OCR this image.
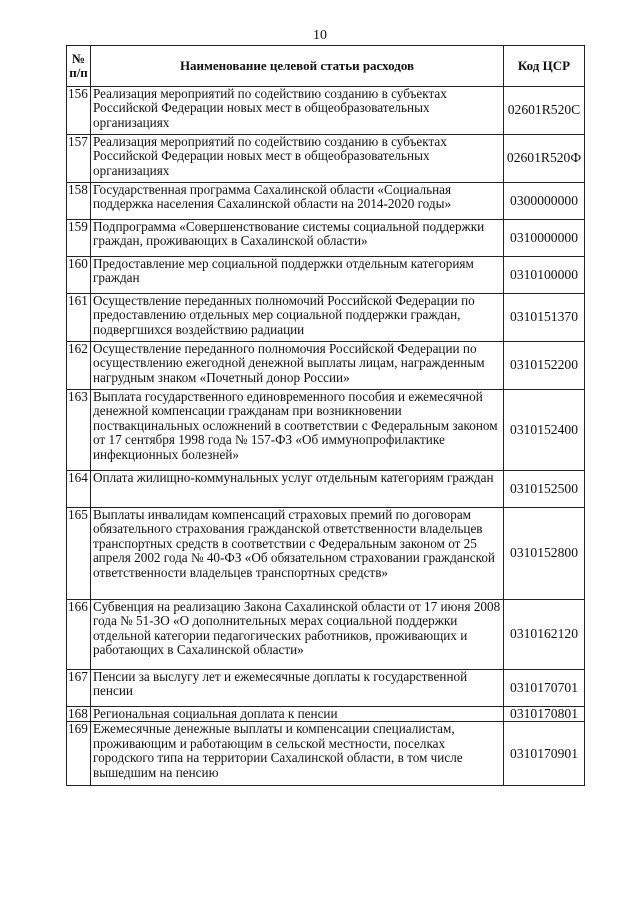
10
№ п/п	Наименование целевой статьи расходов	Код ЦСР
156	Реализация мероприятий по содействию созданию в субъектах Российской Федерации новых мест в общеобразовательных организациях	02601R520C
157	Реализация мероприятий по содействию созданию в субъектах Российской Федерации новых мест в общеобразовательных организациях	02601R520Ф
158	Государственная программа Сахалинской области «Социальная поддержка населения Сахалинской области на 2014-2020 годы»	0300000000
159	Подпрограмма «Совершенствование системы социальной поддержки граждан, проживающих в Сахалинской области»	0310000000
160	Предоставление мер социальной поддержки отдельным категориям граждан	0310100000
161	Осуществление переданных полномочий Российской Федерации по предоставлению отдельных мер социальной поддержки граждан, подвергшихся воздействию радиации	0310151370
162	Осуществление переданного полномочия Российской Федерации по осуществлению ежегодной денежной выплаты лицам, награжденным нагрудным знаком «Почетный донор России»	0310152200
163	Выплата государственного единовременного пособия и ежемесячной денежной компенсации гражданам при возникновении поствакцинальных осложнений в соответствии с Федеральным законом от 17 сентября 1998 года № 157-ФЗ «Об иммунопрофилактике инфекционных болезней»	0310152400
164	Оплата жилищно-коммунальных услуг отдельным категориям граждан	0310152500
165	Выплаты инвалидам компенсаций страховых премий по договорам обязательного страхования гражданской ответственности владельцев транспортных средств в соответствии с Федеральным законом от 25 апреля 2002 года № 40-ФЗ «Об обязательном страховании гражданской ответственности владельцев транспортных средств»	0310152800
166	Субвенция на реализацию Закона Сахалинской области от 17 июня 2008 года № 51-ЗО «О дополнительных мерах социальной поддержки отдельной категории педагогических работников, проживающих и работающих в Сахалинской области»	0310162120
167	Пенсии за выслугу лет и ежемесячные доплаты к государственной пенсии	0310170701
168	Региональная социальная доплата к пенсии	0310170801
169	Ежемесячные денежные выплаты и компенсации специалистам, проживающим и работающим в сельской местности, поселках городского типа на территории Сахалинской области, в том числе вышедшим на пенсию	0310170901
